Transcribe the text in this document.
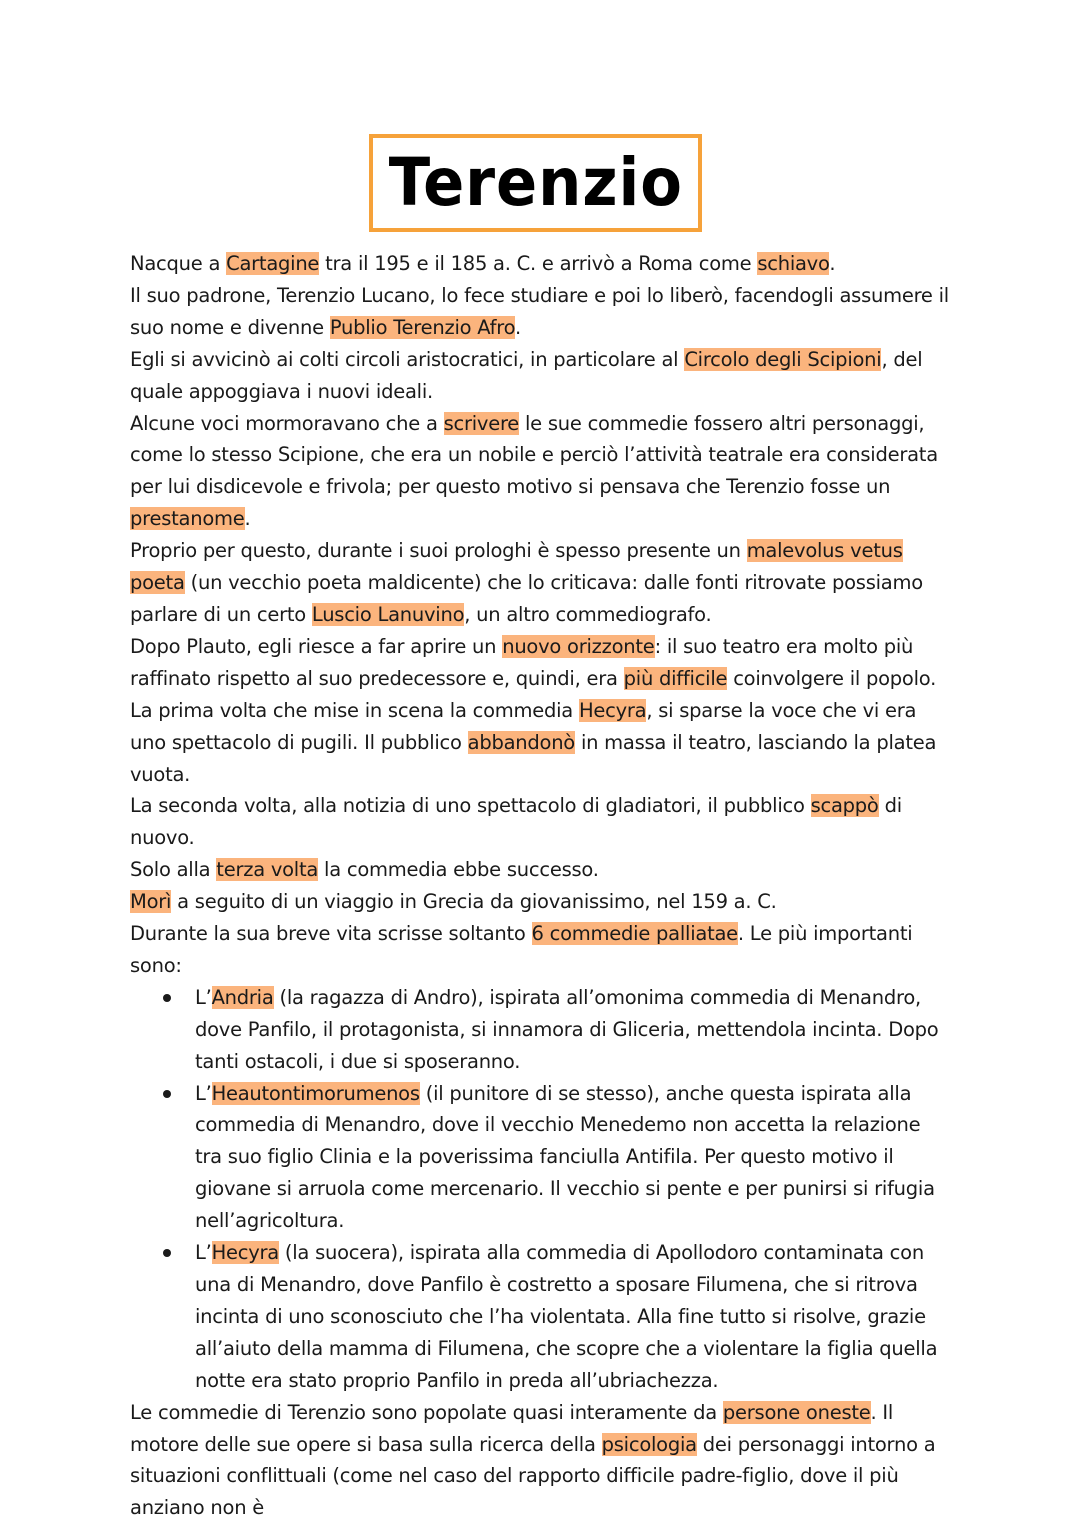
Terenzio

Nacque a Cartagine tra il 195 e il 185 a. C. e arrivò a Roma come schiavo.

Il suo padrone, Terenzio Lucano, lo fece studiare e poi lo liberò, facendogli assumere il suo nome e divenne Publio Terenzio Afro.

Egli si avvicinò ai colti circoli aristocratici, in particolare al Circolo degli Scipioni, del quale appoggiava i nuovi ideali.

Alcune voci mormoravano che a scrivere le sue commedie fossero altri personaggi, come lo stesso Scipione, che era un nobile e perciò l’attività teatrale era considerata per lui disdicevole e frivola; per questo motivo si pensava che Terenzio fosse un prestanome.

Proprio per questo, durante i suoi prologhi è spesso presente un malevolus vetus poeta (un vecchio poeta maldicente) che lo criticava: dalle fonti ritrovate possiamo parlare di un certo Luscio Lanuvino, un altro commediografo.

Dopo Plauto, egli riesce a far aprire un nuovo orizzonte: il suo teatro era molto più raffinato rispetto al suo predecessore e, quindi, era più difficile coinvolgere il popolo.

La prima volta che mise in scena la commedia Hecyra, si sparse la voce che vi era uno spettacolo di pugili. Il pubblico abbandonò in massa il teatro, lasciando la platea vuota.

La seconda volta, alla notizia di uno spettacolo di gladiatori, il pubblico scappò di nuovo.

Solo alla terza volta la commedia ebbe successo.

Morì a seguito di un viaggio in Grecia da giovanissimo, nel 159 a. C.

Durante la sua breve vita scrisse soltanto 6 commedie palliatae. Le più importanti sono:

L’Andria (la ragazza di Andro), ispirata all’omonima commedia di Menandro, dove Panfilo, il protagonista, si innamora di Gliceria, mettendola incinta. Dopo tanti ostacoli, i due si sposeranno.
L’Heautontimorumenos (il punitore di se stesso), anche questa ispirata alla commedia di Menandro, dove il vecchio Menedemo non accetta la relazione tra suo figlio Clinia e la poverissima fanciulla Antifila. Per questo motivo il giovane si arruola come mercenario. Il vecchio si pente e per punirsi si rifugia nell’agricoltura.
L’Hecyra (la suocera), ispirata alla commedia di Apollodoro contaminata con una di Menandro, dove Panfilo è costretto a sposare Filumena, che si ritrova incinta di uno sconosciuto che l’ha violentata. Alla fine tutto si risolve, grazie all’aiuto della mamma di Filumena, che scopre che a violentare la figlia quella notte era stato proprio Panfilo in preda all’ubriachezza.

Le commedie di Terenzio sono popolate quasi interamente da persone oneste. Il motore delle sue opere si basa sulla ricerca della psicologia dei personaggi intorno a situazioni conflittuali (come nel caso del rapporto difficile padre-figlio, dove il più anziano non è
